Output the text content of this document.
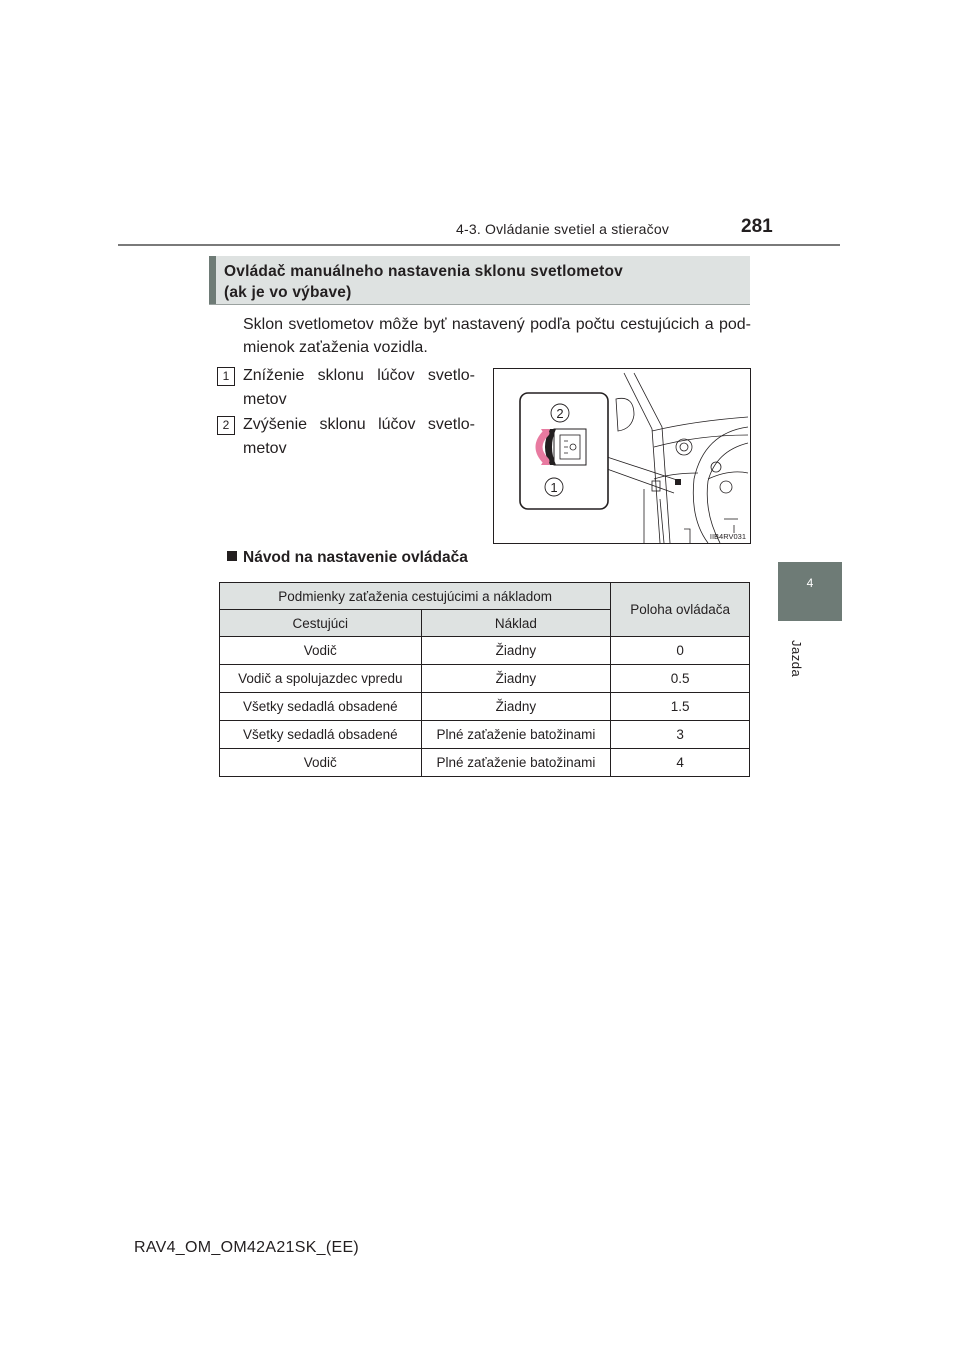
4-3. Ovládanie svetiel a stieračov	281
4
Jazda
Ovládač manuálneho nastavenia sklonu svetlometov
(ak je vo výbave)
Sklon svetlometov môže byť nastavený podľa počtu cestujúcich a pod-mienok zaťaženia vozidla.
1 Zníženie sklonu lúčov svetlo-metov
2 Zvýšenie sklonu lúčov svetlo-metov
2
1
IIB4RV031
Návod na nastavenie ovládača
Podmienky zaťaženia cestujúcimi a nákladom		Poloha ovládača
Cestujúci	Náklad	
Vodič	Žiadny	0
Vodič a spolujazdec vpredu	Žiadny	0.5
Všetky sedadlá obsadené	Žiadny	1.5
Všetky sedadlá obsadené	Plné zaťaženie batožinami	3
Vodič	Plné zaťaženie batožinami	4
RAV4_OM_OM42A21SK_(EE)
